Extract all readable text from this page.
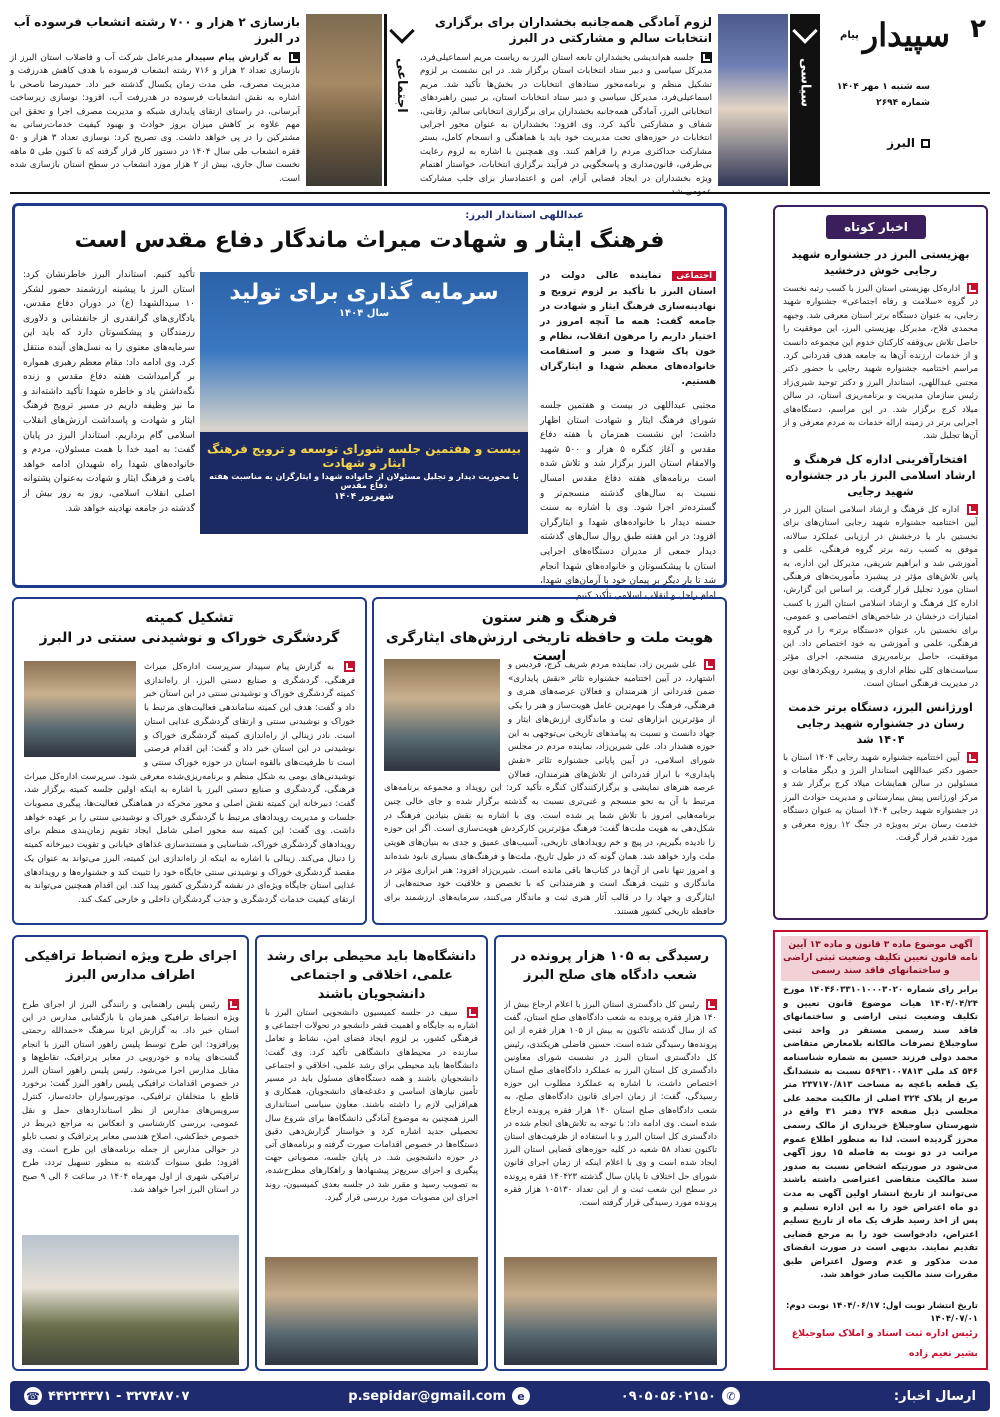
۲
سپیدار
پیام
سه شنبه ۱ مهر ۱۴۰۴
شماره ۲۶۹۴
البرز
سیاسی
لزوم آمادگی همه‌جانبه بخشداران برای برگزاری انتخابات سالم و مشارکتی در البرز
جلسه هم‌اندیشی بخشداران تابعه استان البرز به ریاست مریم اسماعیلی‌فرد، مدیرکل سیاسی و دبیر ستاد انتخابات استان برگزار شد. در این نشست بر لزوم تشکیل منظم و برنامه‌محور ستادهای انتخابات در بخش‌ها تأکید شد. مریم اسماعیلی‌فرد، مدیرکل سیاسی و دبیر ستاد انتخابات استان، بر تبیین راهبردهای انتخاباتی البرز، آمادگی همه‌جانبه بخشداران برای برگزاری انتخاباتی سالم، رقابتی، شفاف و مشارکتی تأکید کرد. وی افزود: بخشداران به عنوان محور اجرایی انتخابات در حوزه‌های تحت مدیریت خود باید با هماهنگی و انسجام کامل، بستر مشارکت حداکثری مردم را فراهم کنند. وی همچنین با اشاره به لزوم رعایت بی‌طرفی، قانون‌مداری و پاسخگویی در فرآیند برگزاری انتخابات، خواستار اهتمام ویژه بخشداران در ایجاد فضایی آرام، امن و اعتمادساز برای جلب مشارکت
اجتماعی
بازسازی ۲ هزار و ۷۰۰ رشته انشعاب فرسوده آب در البرز
به گزارش پیام سپیدار مدیرعامل شرکت آب و فاضلاب استان البرز از بازسازی تعداد ۲ هزار و ۷۱۶ رشته انشعاب فرسوده با هدف کاهش هدررفت و مدیریت مصرف، طی مدت زمان یکسال گذشته خبر داد. حمیدرضا ناصحی با اشاره به نقش انشعابات فرسوده در هدررفت آب، افزود: نوسازی زیرساخت آبرسانی، در راستای ارتقای پایداری شبکه و مدیریت مصرف اجرا و تحقق این مهم علاوه بر کاهش میزان بروز حوادث و بهبود کیفیت خدمات‌رسانی به مشترکین را در پی خواهد داشت. وی تصریح کرد: نوسازی تعداد ۳ هزار و ۵۰ فقره انشعاب طی سال ۱۴۰۴ در دستور کار قرار گرفته که تا کنون طی ۵ ماهه نخست سال جاری، بیش از ۲ هزار مورد انشعاب در سطح استان بازسازی شده است.
عبداللهی استاندار البرز:
فرهنگ ایثار و شهادت میراث ماندگار دفاع مقدس است
اجتماعی نماینده عالی دولت در استان البرز با تأکید بر لزوم ترویج و نهادینه‌سازی فرهنگ ایثار و شهادت در جامعه گفت: همه ما آنچه امروز در اختیار داریم را مرهون انقلاب، نظام و خون پاک شهدا و صبر و استقامت خانواده‌های معظم شهدا و ایثارگران هستیم.
مجتبی عبداللهی در بیست و هفتمین جلسه شورای فرهنگ ایثار و شهادت استان اظهار داشت: این نشست همزمان با هفته دفاع مقدس و آغاز کنگره ۵ هزار و ۵۰۰ شهید والامقام استان البرز برگزار شد و تلاش شده است برنامه‌های هفته دفاع مقدس امسال نسبت به سال‌های گذشته منسجم‌تر و گسترده‌تر اجرا شود. وی با اشاره به سنت حسنه دیدار با خانواده‌های شهدا و ایثارگران افزود: در این هفته طبق روال سال‌های گذشته دیدار جمعی از مدیران دستگاه‌های اجرایی استان با پیشکسوتان و خانواده‌های شهدا انجام شد تا بار دیگر بر پیمان خود با آرمان‌های شهدا، امام راحل و انقلاب اسلامی تأکید کنیم.
سرمایه گذاری برای تولید
سال ۱۴۰۴
بیست و هفتمین جلسه شورای توسعه و ترویج فرهنگ ایثار و شهادت
با محوریت دیدار و تجلیل مسئولان از خانواده شهدا و ایثارگران به مناسبت هفته دفاع مقدس
شهریور ۱۴۰۴
تأکید کنیم. استاندار البرز خاطرنشان کرد: استان البرز با پیشینه ارزشمند حضور لشکر ۱۰ سیدالشهدا (ع) در دوران دفاع مقدس، یادگاری‌های گرانقدری از جانفشانی و دلاوری رزمندگان و پیشکسوتان دارد که باید این سرمایه‌های معنوی را به نسل‌های آینده منتقل کرد. وی ادامه داد: مقام معظم رهبری همواره بر گرامیداشت هفته دفاع مقدس و زنده نگه‌داشتن یاد و خاطره شهدا تأکید داشته‌اند و ما نیز وظیفه داریم در مسیر ترویج فرهنگ ایثار و شهادت و پاسداشت ارزش‌های انقلاب اسلامی گام برداریم. استاندار البرز در پایان گفت: به امید خدا با همت مسئولان، مردم و خانواده‌های شهدا راه شهیدان ادامه خواهد یافت و فرهنگ ایثار و شهادت به‌عنوان پشتوانه اصلی انقلاب اسلامی، روز به روز بیش از گذشته در جامعه نهادینه خواهد شد.
فرهنگ و هنر ستون
هویت ملت و حافظه تاریخی ارزش‌های ایثارگری است
علی شیرین زاد، نماینده مردم شریف کرج، فردیس و اشتهارد، در آیین اختتامیه جشنواره تئاتر «نقش پایداری» ضمن قدردانی از هنرمندان و فعالان عرصه‌های هنری و فرهنگی، فرهنگ را مهم‌ترین عامل هویت‌ساز و هنر را یکی از مؤثرترین ابزارهای ثبت و ماندگاری ارزش‌های ایثار و جهاد دانست و نسبت به پیامدهای تاریخی بی‌توجهی به این حوزه هشدار داد. علی شیرین‌زاد، نماینده مردم در مجلس شورای اسلامی، در آیین پایانی جشنواره تئاتر «نقش پایداری» با ابراز قدردانی از تلاش‌های هنرمندان، فعالان عرصه هنرهای نمایشی و برگزارکنندگان کنگره تأکید کرد: این رویداد و مجموعه برنامه‌های مرتبط با آن به نحو منسجم و غنی‌تری نسبت به گذشته برگزار شده و جای خالی چنین برنامه‌هایی امروز با تلاش شما پر شده است. وی با اشاره به نقش بنیادین فرهنگ در شکل‌دهی به هویت ملت‌ها گفت: فرهنگ مؤثرترین کارکردش هویت‌سازی است. اگر این حوزه را نادیده بگیریم، در پیچ و خم رویدادهای تاریخی، آسیب‌های عمیق و جدی به بنیان‌های هویتی ملت وارد خواهد شد. همان گونه که در طول تاریخ، ملت‌ها و فرهنگ‌های بسیاری نابود شده‌اند و امروز تنها نامی از آن‌ها در کتاب‌ها باقی مانده است. شیرین‌زاد افزود: هنر ابزاری مؤثر در ماندگاری و تثبیت فرهنگ است و هنرمندانی که با تخصص و خلاقیت خود صحنه‌هایی از ایثارگری و جهاد را در قالب آثار هنری ثبت و ماندگار می‌کنند، سرمایه‌های ارزشمند برای حافظه تاریخی کشور هستند.
تشکیل کمیته
گردشگری خوراک و نوشیدنی سنتی در البرز
به گزارش پیام سپیدار سرپرست اداره‌کل میراث فرهنگی، گردشگری و صنایع دستی البرز، از راه‌اندازی کمیته گردشگری خوراک و نوشیدنی سنتی در این استان خبر داد و گفت: هدف این کمیته ساماندهی فعالیت‌های مرتبط با خوراک و نوشیدنی سنتی و ارتقای گردشگری غذایی استان است. نادر زینالی از راه‌اندازی کمیته گردشگری خوراک و نوشیدنی در این استان خبر داد و گفت: این اقدام فرصتی است تا ظرفیت‌های بالقوه استان در حوزه خوراک سنتی و نوشیدنی‌های بومی به شکل منظم و برنامه‌ریزی‌شده معرفی شود. سرپرست اداره‌کل میراث فرهنگی، گردشگری و صنایع دستی البرز با اشاره به اینکه اولین جلسه کمیته برگزار شد، گفت: دبیرخانه این کمیته نقش اصلی و محور محرکه در هماهنگی فعالیت‌ها، پیگیری مصوبات جلسات و مدیریت رویدادهای مرتبط با گردشگری خوراک و نوشیدنی سنتی را بر عهده خواهد داشت. وی گفت: این کمیته سه محور اصلی شامل ایجاد تقویم زمان‌بندی منظم برای رویدادهای گردشگری خوراک، شناسایی و مستندسازی غذاهای خیابانی و تقویت دبیرخانه کمیته را دنبال می‌کند. زینالی با اشاره به اینکه از راه‌اندازی این کمیته، البرز می‌تواند به عنوان یک مقصد گردشگری خوراک و نوشیدنی سنتی جایگاه خود را تثبیت کند و جشنواره‌ها و رویدادهای غذایی استان جایگاه ویژه‌ای در نقشه گردشگری کشور پیدا کند. این اقدام همچنین می‌تواند به ارتقای کیفیت خدمات گردشگری و جذب گردشگران داخلی و خارجی کمک کند.
اخبار کوتاه
بهزیستی البرز در جشنواره شهید رجایی خوش درخشید
اداره‌کل بهزیستی استان البرز با کسب رتبه نخست در گروه «سلامت و رفاه اجتماعی» جشنواره شهید رجایی، به عنوان دستگاه برتر استان معرفی شد. وجیهه محمدی فلاح، مدیرکل بهزیستی البرز، این موفقیت را حاصل تلاش بی‌وقفه کارکنان خدوم این مجموعه دانست و از خدمات ارزنده آن‌ها به جامعه هدف قدردانی کرد. مراسم اختتامیه جشنواره شهید رجایی با حضور دکتر مجتبی عبداللهی، استاندار البرز و دکتر توحید شیری‌زاد رئیس سازمان مدیریت و برنامه‌ریزی استان، در سالن میلاد کرج برگزار شد. در این مراسم، دستگاه‌های اجرایی برتر در زمینه ارائه خدمات به مردم معرفی و از آن‌ها تجلیل شد.
افتخارآفرینی اداره کل فرهنگ و ارشاد اسلامی البرز بار در جشنواره شهید رجایی
اداره کل فرهنگ و ارشاد اسلامی استان البرز در آیین اختتامیه جشنواره شهید رجایی استان‌های برای نخستین بار با درخشش در ارزیابی عملکرد سالانه، موفق به کسب رتبه برتر گروه فرهنگی، علمی و آموزشی شد و ابراهیم شریفی، مدیرکل این اداره، به پاس تلاش‌های مؤثر در پیشبرد مأموریت‌های فرهنگی استان مورد تجلیل قرار گرفت. بر اساس این گزارش، اداره کل فرهنگ و ارشاد اسلامی استان البرز با کسب امتیازات درخشان در شاخص‌های اختصاصی و عمومی، برای نخستین بار، عنوان «دستگاه برتر» را در گروه فرهنگی، علمی و آموزشی به خود اختصاص داد. این موفقیت، حاصل برنامه‌ریزی منسجم، اجرای مؤثر سیاست‌های کلی نظام اداری و پیشبرد رویکردهای نوین در مدیریت فرهنگی استان است.
اورژانس البرز، دستگاه برتر خدمت رسان در جشنواره شهید رجایی ۱۴۰۴ شد
آیین اختتامیه جشنواره شهید رجایی ۱۴۰۴ استان با حضور دکتر عبداللهی استاندار البرز و دیگر مقامات و مسئولین در سالن همایشات میلاد کرج برگزار شد و مرکز اورژانس پیش بیمارستانی و مدیریت حوادث البرز در جشنواره شهید رجایی ۱۴۰۴ استان به عنوان دستگاه خدمت رسان برتر به‌ویژه در جنگ ۱۲ روزه معرفی و مورد تقدیر قرار گرفت.
آگهی موضوع ماده ۳ قانون و ماده ۱۳ آیین نامه قانون تعیین تکلیف وضعیت ثبتی اراضی و ساختمانهای فاقد سند رسمی
برابر رای شماره ۱۴۰۴۶۰۳۳۱۰۱۰۰۰۳۰۲۰ مورخ ۱۴۰۴/۰۴/۲۴ هیات موضوع قانون تعیین و تکلیف وضعیت ثبتی اراضی و ساختمانهای فاقد سند رسمی مستقر در واحد ثبتی ساوجبلاغ تصرفات مالکانه بلامعارض متقاضی محمد دولی فرزند حسین به شماره شناسنامه ۵۴۶ کد ملی ۵۶۹۳۱۰۰۷۸۱۳ نسبت به ششدانگ یک قطعه باغچه به مساحت ۲۳۷۱۷۰/۸۱۳ متر مربع از پلاک ۳۲۴ اصلی از مالکیت محمد علی مجلسی ذیل صفحه ۲۷۶ دفتر ۳۱ واقع در شهرستان ساوجبلاغ خریداری از مالک رسمی محرز گردیده است. لذا به منظور اطلاع عموم مراتب در دو نوبت به فاصله ۱۵ روز آگهی می‌شود در صورتیکه اشخاص نسبت به صدور سند مالکیت متقاضی اعتراضی داشته باشند می‌توانند از تاریخ انتشار اولین آگهی به مدت دو ماه اعتراض خود را به این اداره تسلیم و پس از اخذ رسید ظرف یک ماه از تاریخ تسلیم اعتراض، دادخواست خود را به مرجع قضایی تقدیم نمایند. بدیهی است در صورت انقضای مدت مذکور و عدم وصول اعتراض طبق مقررات سند مالکیت صادر خواهد شد.
تاریخ انتشار نوبت اول: ۱۴۰۴/۰۶/۱۷ نوبت دوم: ۱۴۰۴/۰۷/۰۱
رئیس اداره ثبت اسناد و املاک ساوجبلاغ
بشیر نعیم زاده
رسیدگی به ۱۰۵ هزار پرونده در شعب دادگاه های صلح البرز
رئیس کل دادگستری استان البرز با اعلام ارجاع بیش از ۱۴۰ هزار فقره پرونده به شعب دادگاه‌های صلح استان، گفت که از سال گذشته تاکنون به بیش از ۱۰۵ هزار فقره از این پرونده‌ها رسیدگی شده است. حسین فاضلی هریکندی، رئیس کل دادگستری استان البرز در نشست شورای معاونین دادگستری کل استان البرز به عملکرد دادگاه‌های صلح استان اختصاص داشت، با اشاره به عملکرد مطلوب این حوزه رسیدگی، گفت: از زمان اجرای قانون دادگاه‌های صلح، به شعب دادگاه‌های صلح استان ۱۴۰ هزار فقره پرونده ارجاع شده است. وی ادامه داد: با توجه به تلاش‌های انجام شده در دادگستری کل استان البرز و با استفاده از ظرفیت‌های استان تاکنون تعداد ۵۸ شعبه در کلیه حوزه‌های قضایی استان البرز ایجاد شده است و وی با اعلام اینکه از زمان اجرای قانون شورای حل اختلاف تا پایان سال گذشته ۱۴۰۴۲۳ فقره پرونده در سطح این شعب ثبت و از این تعداد ۱۰۵۱۳۰ هزار فقره پرونده مورد رسیدگی قرار گرفته است.
دانشگاه‌ها باید محیطی برای رشد علمی، اخلاقی و اجتماعی دانشجویان باشند
سیف در جلسه کمیسیون دانشجویی استان البرز با اشاره به جایگاه و اهمیت قشر دانشجو در تحولات اجتماعی و فرهنگی کشور، بر لزوم ایجاد فضای امن، نشاط و تعامل سازنده در محیط‌های دانشگاهی تأکید کرد. وی گفت: دانشگاه‌ها باید محیطی برای رشد علمی، اخلاقی و اجتماعی دانشجویان باشند و همه دستگاه‌های مسئول باید در مسیر تأمین نیازهای اساسی و دغدغه‌های دانشجویان، همکاری و هم‌افزایی لازم را داشته باشند. معاون سیاسی استانداری البرز همچنین به موضوع آمادگی دانشگاه‌ها برای شروع سال تحصیلی جدید اشاره کرد و خواستار گزارش‌دهی دقیق دستگاه‌ها در خصوص اقدامات صورت گرفته و برنامه‌های آتی در حوزه دانشجویی شد. در پایان جلسه، مصوباتی جهت پیگیری و اجرای سریع‌تر پیشنهادها و راهکارهای مطرح‌شده، به تصویب رسید و مقرر شد در جلسه بعدی کمیسیون، روند اجرای این مصوبات مورد بررسی قرار گیرد.
اجرای طرح ویژه انضباط ترافیکی اطراف مدارس البرز
رئیس پلیس راهنمایی و رانندگی البرز از اجرای طرح ویژه انضباط ترافیکی همزمان با بازگشایی مدارس در این استان خبر داد. به گزارش ایرنا سرهنگ «حمدالله رحمتی پورافزود: این طرح توسط پلیس راهور استان البرز با انجام گشت‌های پیاده و خودرویی در معابر پرترافیک، تقاطع‌ها و مقابل مدارس اجرا می‌شود. رئیس پلیس راهور استان البرز در خصوص اقدامات ترافیکی پلیس راهور البرز گفت: برخورد قاطع با متخلفان ترافیکی، موتورسواران حادثه‌ساز، کنترل سرویس‌های مدارس از نظر استانداردهای حمل و نقل عمومی، بررسی کارشناسی و انعکاس به مراجع ذیربط در خصوص خط‌کشی، اصلاح هندسی معابر پرترافیک و نصب تابلو در حوالی مدارس از جمله برنامه‌های این طرح است. وی افزود: طبق سنوات گذشته به منظور تسهیل تردد، طرح ترافیکی شهری از اول مهرماه ۱۴۰۴ در ساعت ۶ الی ۹ صبح در استان البرز اجرا خواهد شد.
ارسال اخبار:
✆
۰۹۰۵۰۵۶۰۲۱۵۰
e
p.sepidar@gmail.com
۳۲۷۴۸۷۰۷ - ۴۴۲۲۴۳۷۱
☎
